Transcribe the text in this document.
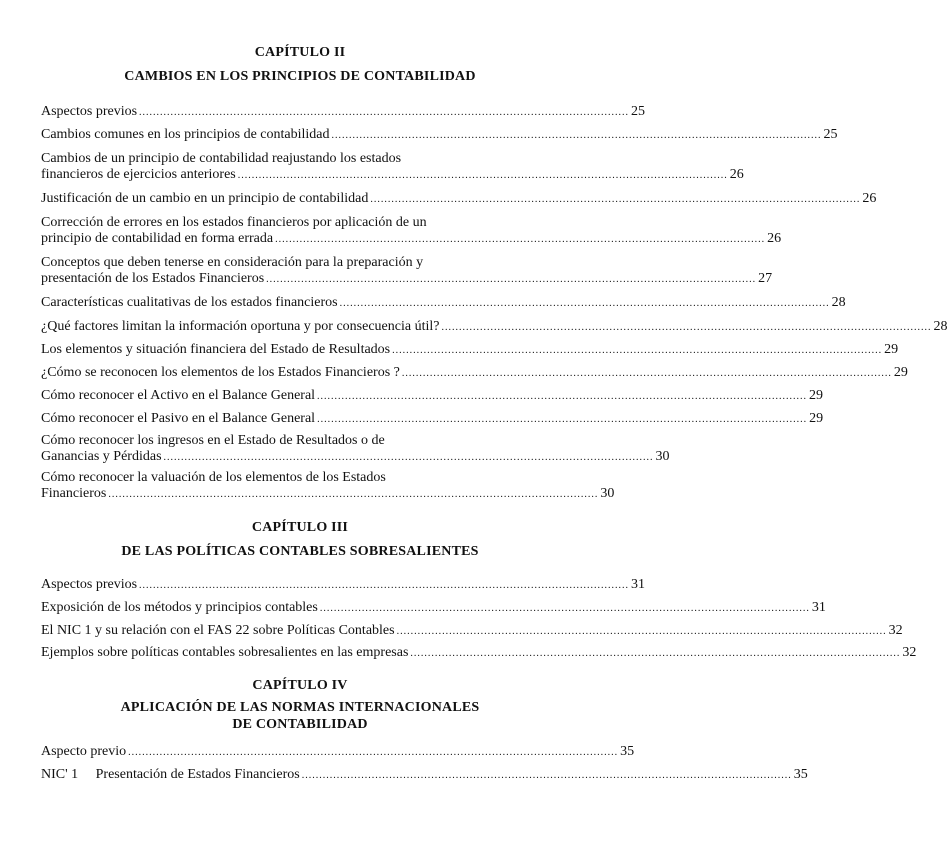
CAPÍTULO II
CAMBIOS EN LOS PRINCIPIOS DE CONTABILIDAD
Aspectos previos ............................................................................................................................................ 25
Cambios comunes en los principios de contabilidad ............................................................................................................................................ 25
Cambios de un principio de contabilidad reajustando los estados
financieros de ejercicios anteriores ............................................................................................................................................ 26
Justificación de un cambio en un principio de contabilidad ............................................................................................................................................ 26
Corrección de errores en los estados financieros por aplicación de un
principio de contabilidad en forma errada ............................................................................................................................................ 26
Conceptos que deben tenerse en consideración para la preparación y
presentación de los Estados Financieros ............................................................................................................................................ 27
Características cualitativas de los estados financieros ............................................................................................................................................ 28
¿Qué factores limitan la información oportuna y por consecuencia útil? ............................................................................................................................................ 28
Los elementos y situación financiera del Estado de Resultados ............................................................................................................................................ 29
¿Cómo se reconocen los elementos de los Estados Financieros ? ............................................................................................................................................ 29
Cómo reconocer el Activo en el Balance General ............................................................................................................................................ 29
Cómo reconocer el Pasivo en el Balance General ............................................................................................................................................ 29
Cómo reconocer los ingresos en el Estado de Resultados o de
Ganancias y Pérdidas ............................................................................................................................................ 30
Cómo reconocer la valuación de los elementos de los Estados
Financieros ............................................................................................................................................ 30
CAPÍTULO III
DE LAS POLÍTICAS CONTABLES SOBRESALIENTES
Aspectos previos ............................................................................................................................................ 31
Exposición de los métodos y principios contables ............................................................................................................................................ 31
El NIC 1 y su relación con el FAS 22 sobre Políticas Contables ............................................................................................................................................ 32
Ejemplos sobre políticas contables sobresalientes en las empresas ............................................................................................................................................ 32
CAPÍTULO IV
APLICACIÓN DE LAS NORMAS INTERNACIONALES
DE CONTABILIDAD
Aspecto previo ............................................................................................................................................ 35
NIC' 1     Presentación de Estados Financieros ............................................................................................................................................ 35
